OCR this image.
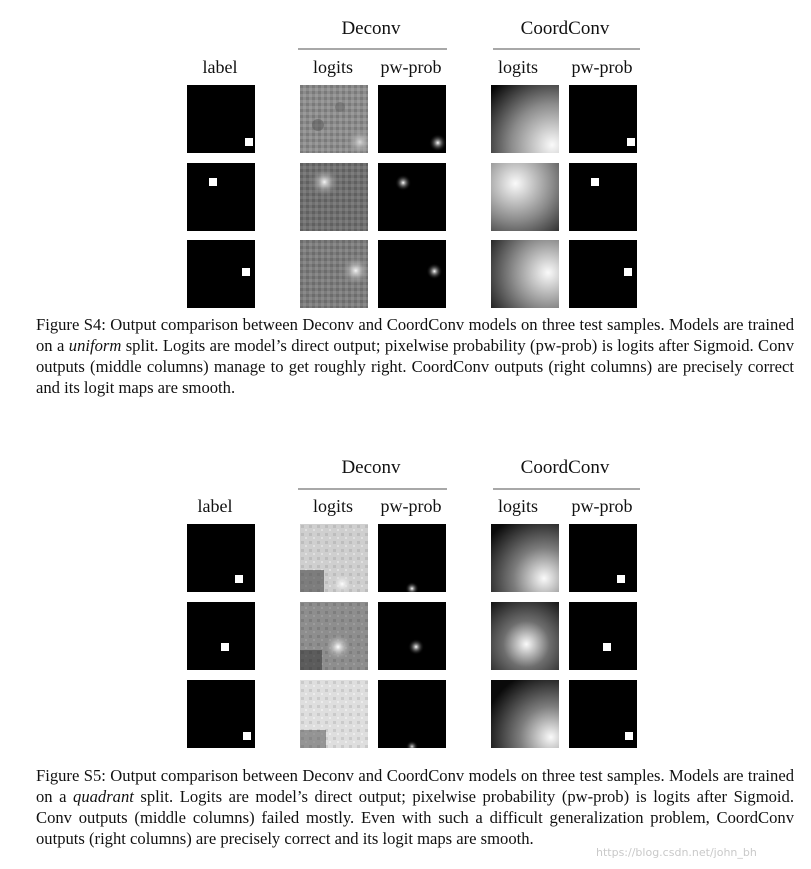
Deconv	CoordConv
label	logits	pw-prob	logits	pw-prob

Figure S4: Output comparison between Deconv and CoordConv models on three test samples. Models are trained on a uniform split. Logits are model’s direct output; pixelwise probability (pw-prob) is logits after Sigmoid. Conv outputs (middle columns) manage to get roughly right. CoordConv outputs (right columns) are precisely correct and its logit maps are smooth.

Deconv	CoordConv
label	logits	pw-prob	logits	pw-prob

Figure S5: Output comparison between Deconv and CoordConv models on three test samples. Models are trained on a quadrant split. Logits are model’s direct output; pixelwise probability (pw-prob) is logits after Sigmoid. Conv outputs (middle columns) failed mostly. Even with such a difficult generalization problem, CoordConv outputs (right columns) are precisely correct and its logit maps are smooth.

https://blog.csdn.net/john_bh
